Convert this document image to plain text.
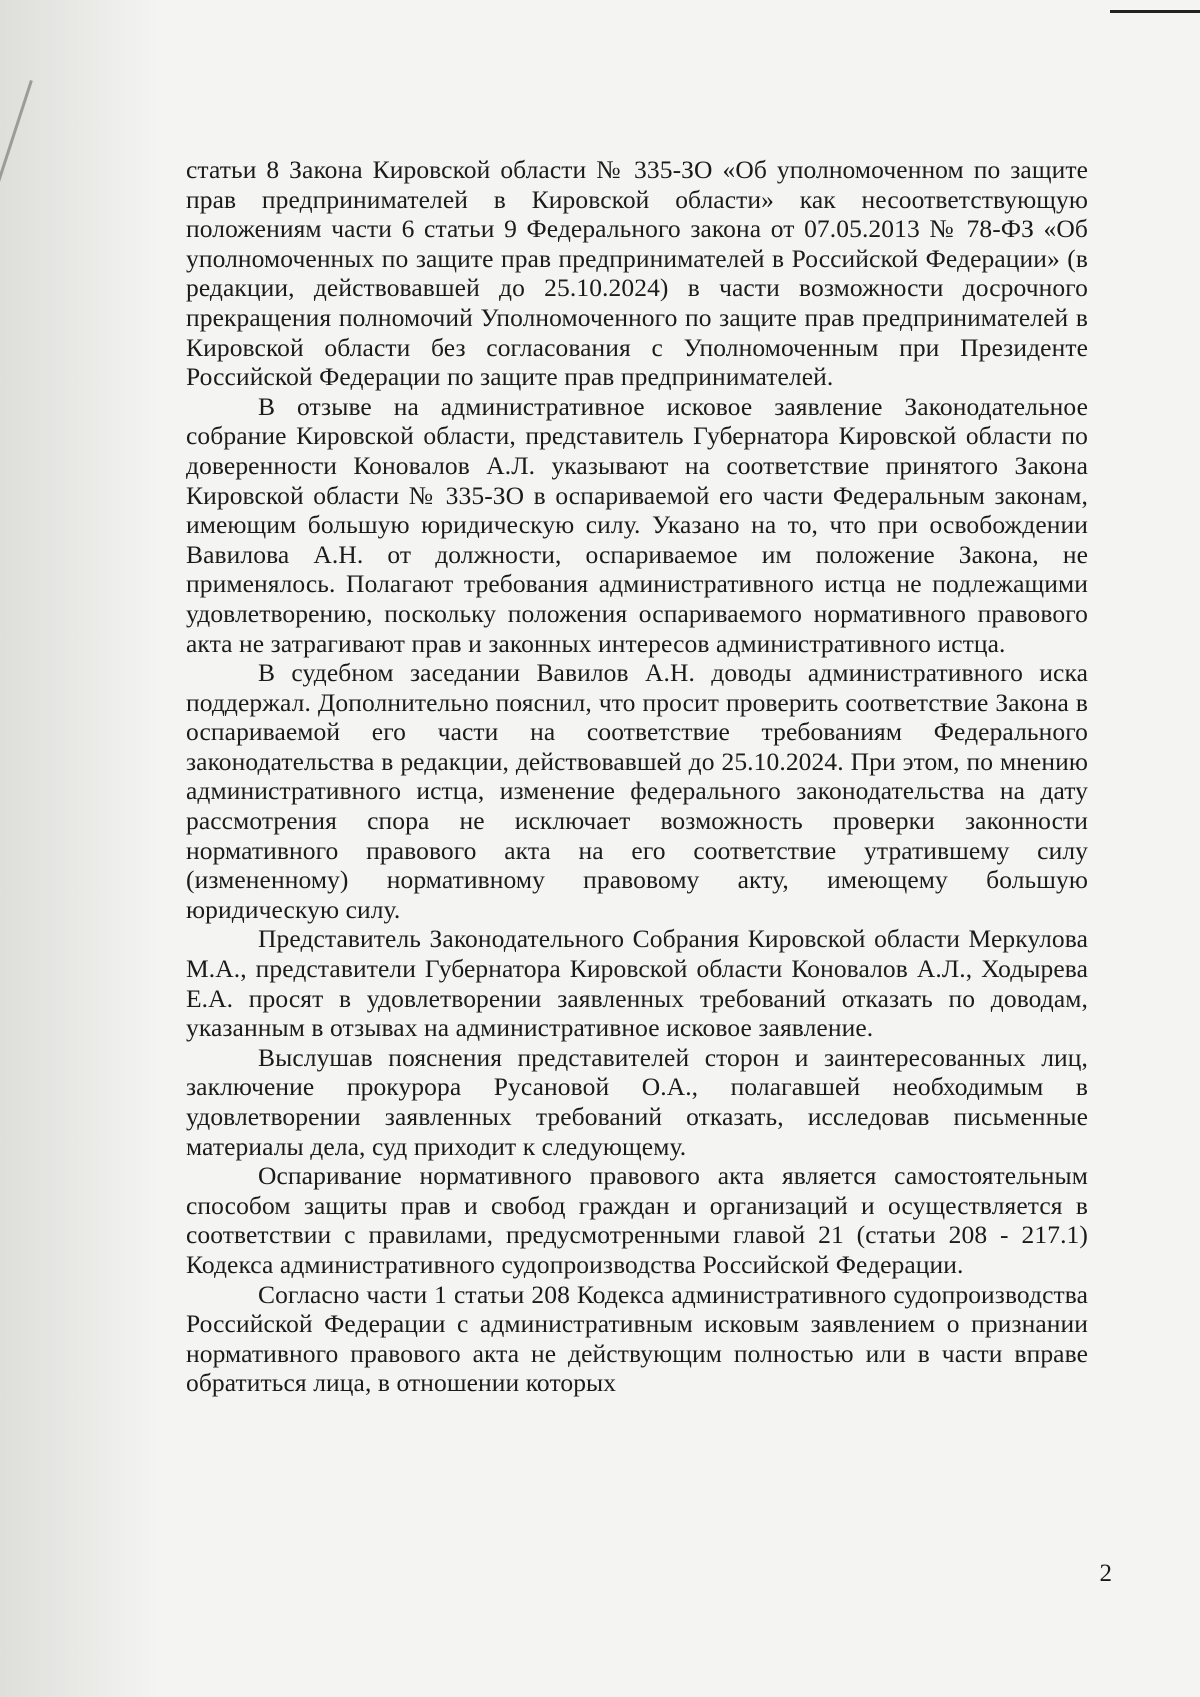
статьи 8 Закона Кировской области № 335-ЗО «Об уполномоченном по защите прав предпринимателей в Кировской области» как несоответствующую положениям части 6 статьи 9 Федерального закона от 07.05.2013 № 78-ФЗ «Об уполномоченных по защите прав предпринимателей в Российской Федерации» (в редакции, действовавшей до 25.10.2024) в части возможности досрочного прекращения полномочий Уполномоченного по защите прав предпринимателей в Кировской области без согласования с Уполномоченным при Президенте Российской Федерации по защите прав предпринимателей.

В отзыве на административное исковое заявление Законодательное собрание Кировской области, представитель Губернатора Кировской области по доверенности Коновалов А.Л. указывают на соответствие принятого Закона Кировской области № 335-ЗО в оспариваемой его части Федеральным законам, имеющим большую юридическую силу. Указано на то, что при освобождении Вавилова А.Н. от должности, оспариваемое им положение Закона, не применялось. Полагают требования административного истца не подлежащими удовлетворению, поскольку положения оспариваемого нормативного правового акта не затрагивают прав и законных интересов административного истца.

В судебном заседании Вавилов А.Н. доводы административного иска поддержал. Дополнительно пояснил, что просит проверить соответствие Закона в оспариваемой его части на соответствие требованиям Федерального законодательства в редакции, действовавшей до 25.10.2024. При этом, по мнению административного истца, изменение федерального законодательства на дату рассмотрения спора не исключает возможность проверки законности нормативного правового акта на его соответствие утратившему силу (измененному) нормативному правовому акту, имеющему большую юридическую силу.

Представитель Законодательного Собрания Кировской области Меркулова М.А., представители Губернатора Кировской области Коновалов А.Л., Ходырева Е.А. просят в удовлетворении заявленных требований отказать по доводам, указанным в отзывах на административное исковое заявление.

Выслушав пояснения представителей сторон и заинтересованных лиц, заключение прокурора Русановой О.А., полагавшей необходимым в удовлетворении заявленных требований отказать, исследовав письменные материалы дела, суд приходит к следующему.

Оспаривание нормативного правового акта является самостоятельным способом защиты прав и свобод граждан и организаций и осуществляется в соответствии с правилами, предусмотренными главой 21 (статьи 208 - 217.1) Кодекса административного судопроизводства Российской Федерации.

Согласно части 1 статьи 208 Кодекса административного судопроизводства Российской Федерации с административным исковым заявлением о признании нормативного правового акта не действующим полностью или в части вправе обратиться лица, в отношении которых

2
